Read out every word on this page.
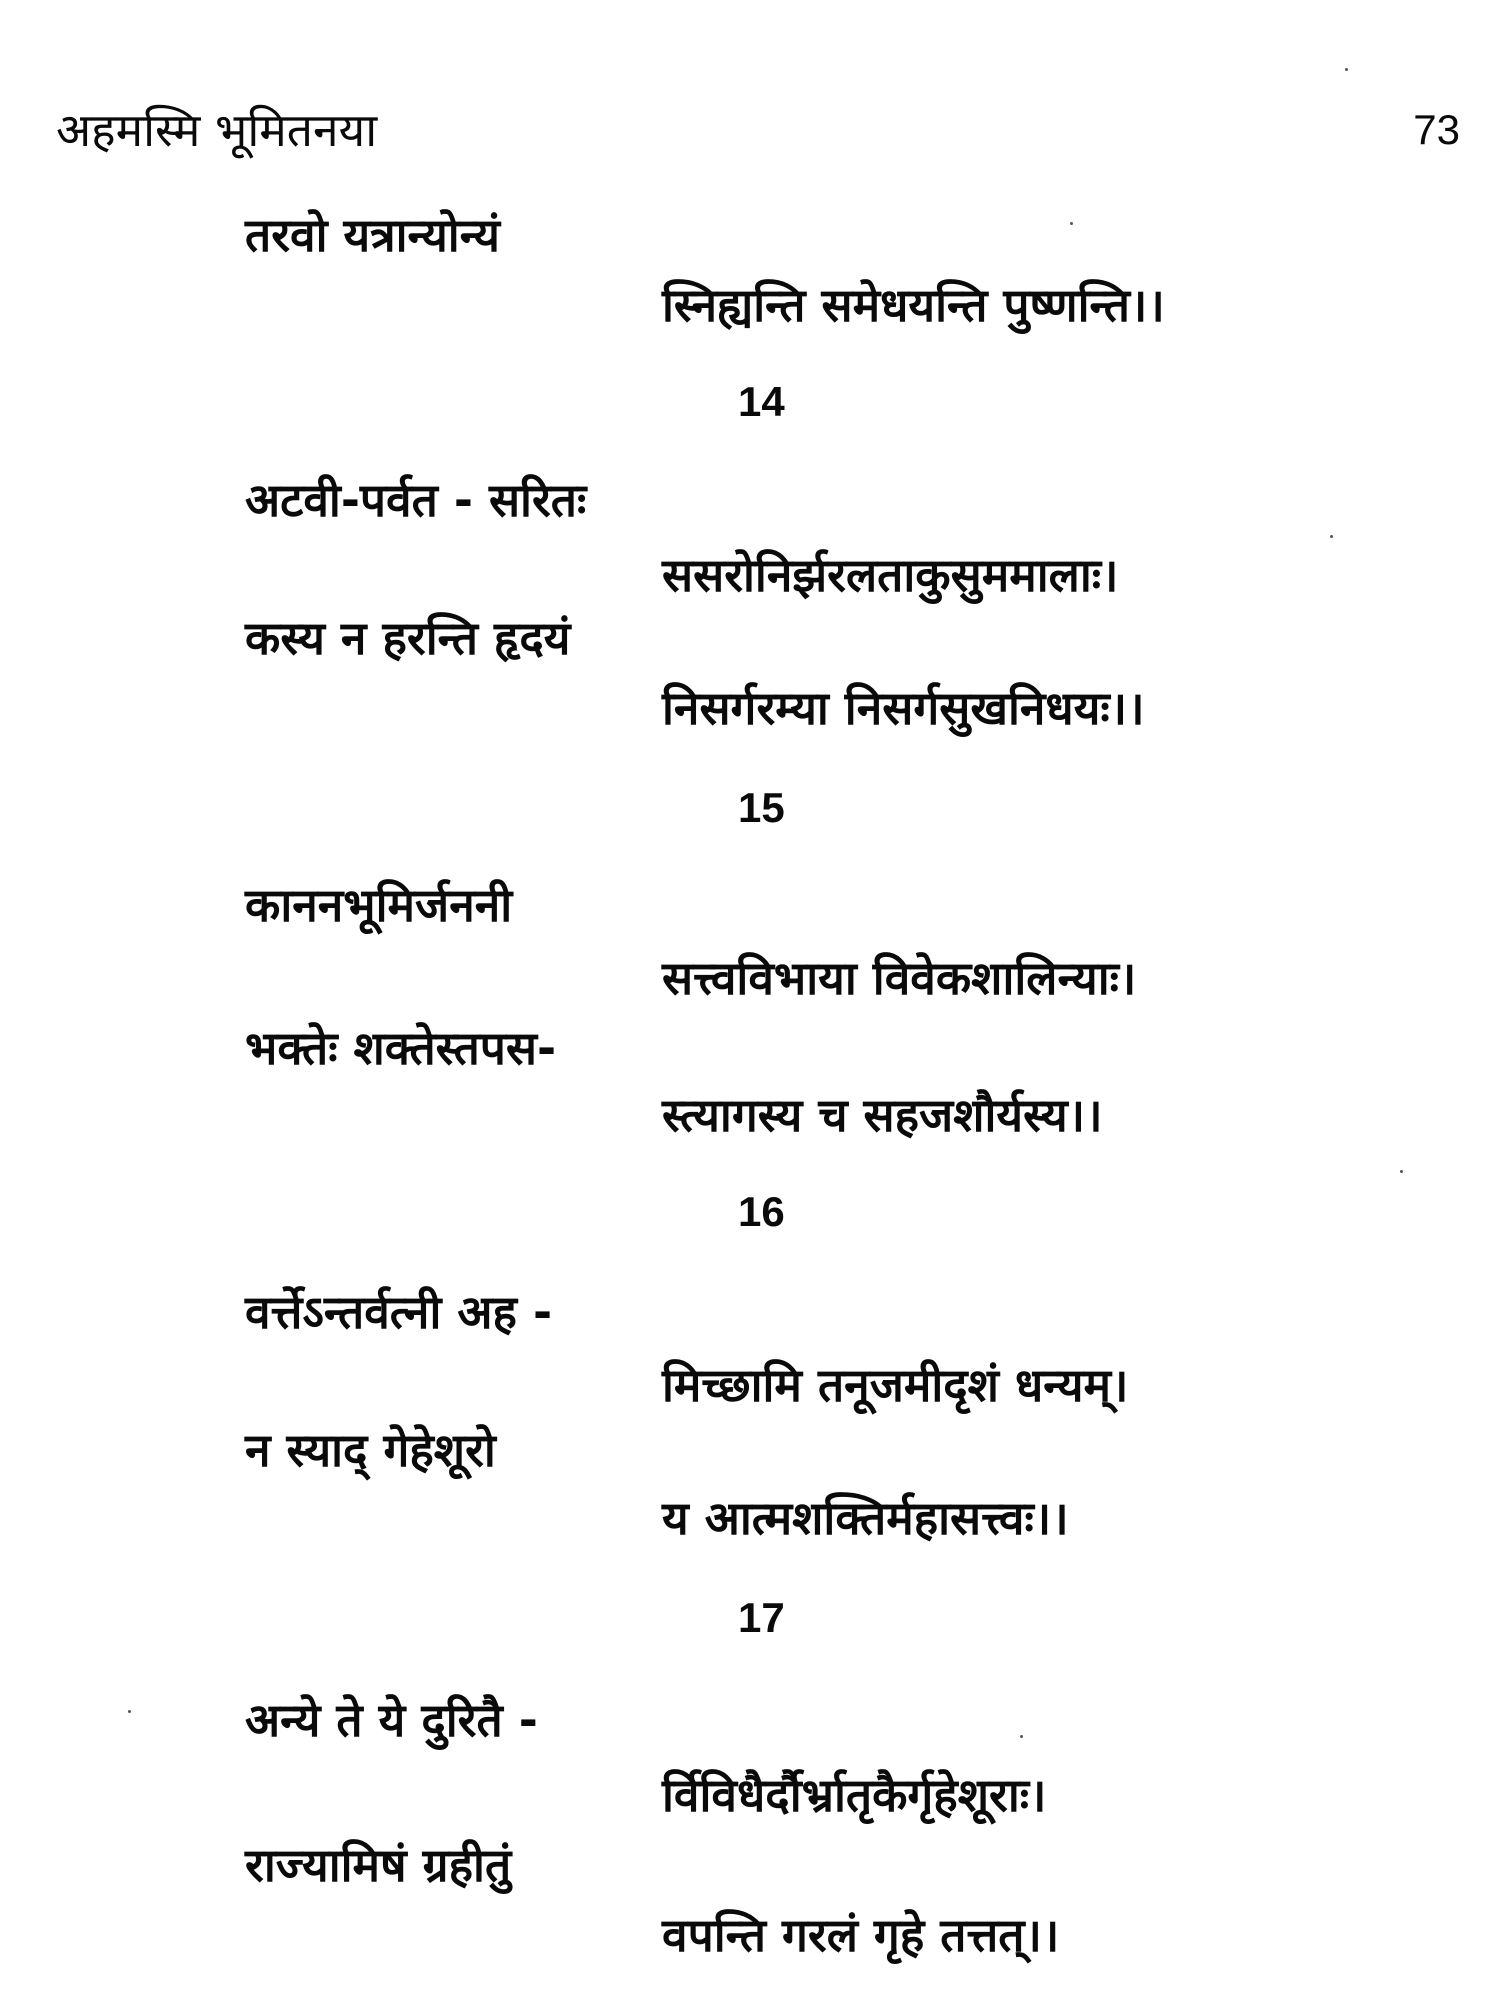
अहमस्मि भूमितनया	73
तरवो यत्रान्योन्यं
स्निह्यन्ति समेधयन्ति पुष्णन्ति।।
14
अटवी-पर्वत - सरितः
ससरोनिर्झरलताकुसुममालाः।
कस्य न हरन्ति हृदयं
निसर्गरम्या निसर्गसुखनिधयः।।
15
काननभूमिर्जननी
सत्त्वविभाया विवेकशालिन्याः।
भक्तेः शक्तेस्तपस-
स्त्यागस्य च सहजशौर्यस्य।।
16
वर्त्तेऽन्तर्वत्नी अह -
मिच्छामि तनूजमीदृशं धन्यम्।
न स्याद् गेहेशूरो
य आत्मशक्तिर्महासत्त्वः।।
17
अन्ये ते ये दुरितै -
र्विविधैर्दौर्भ्रातृकैर्गृहेशूराः।
राज्यामिषं ग्रहीतुं
वपन्ति गरलं गृहे तत्तत्।।
